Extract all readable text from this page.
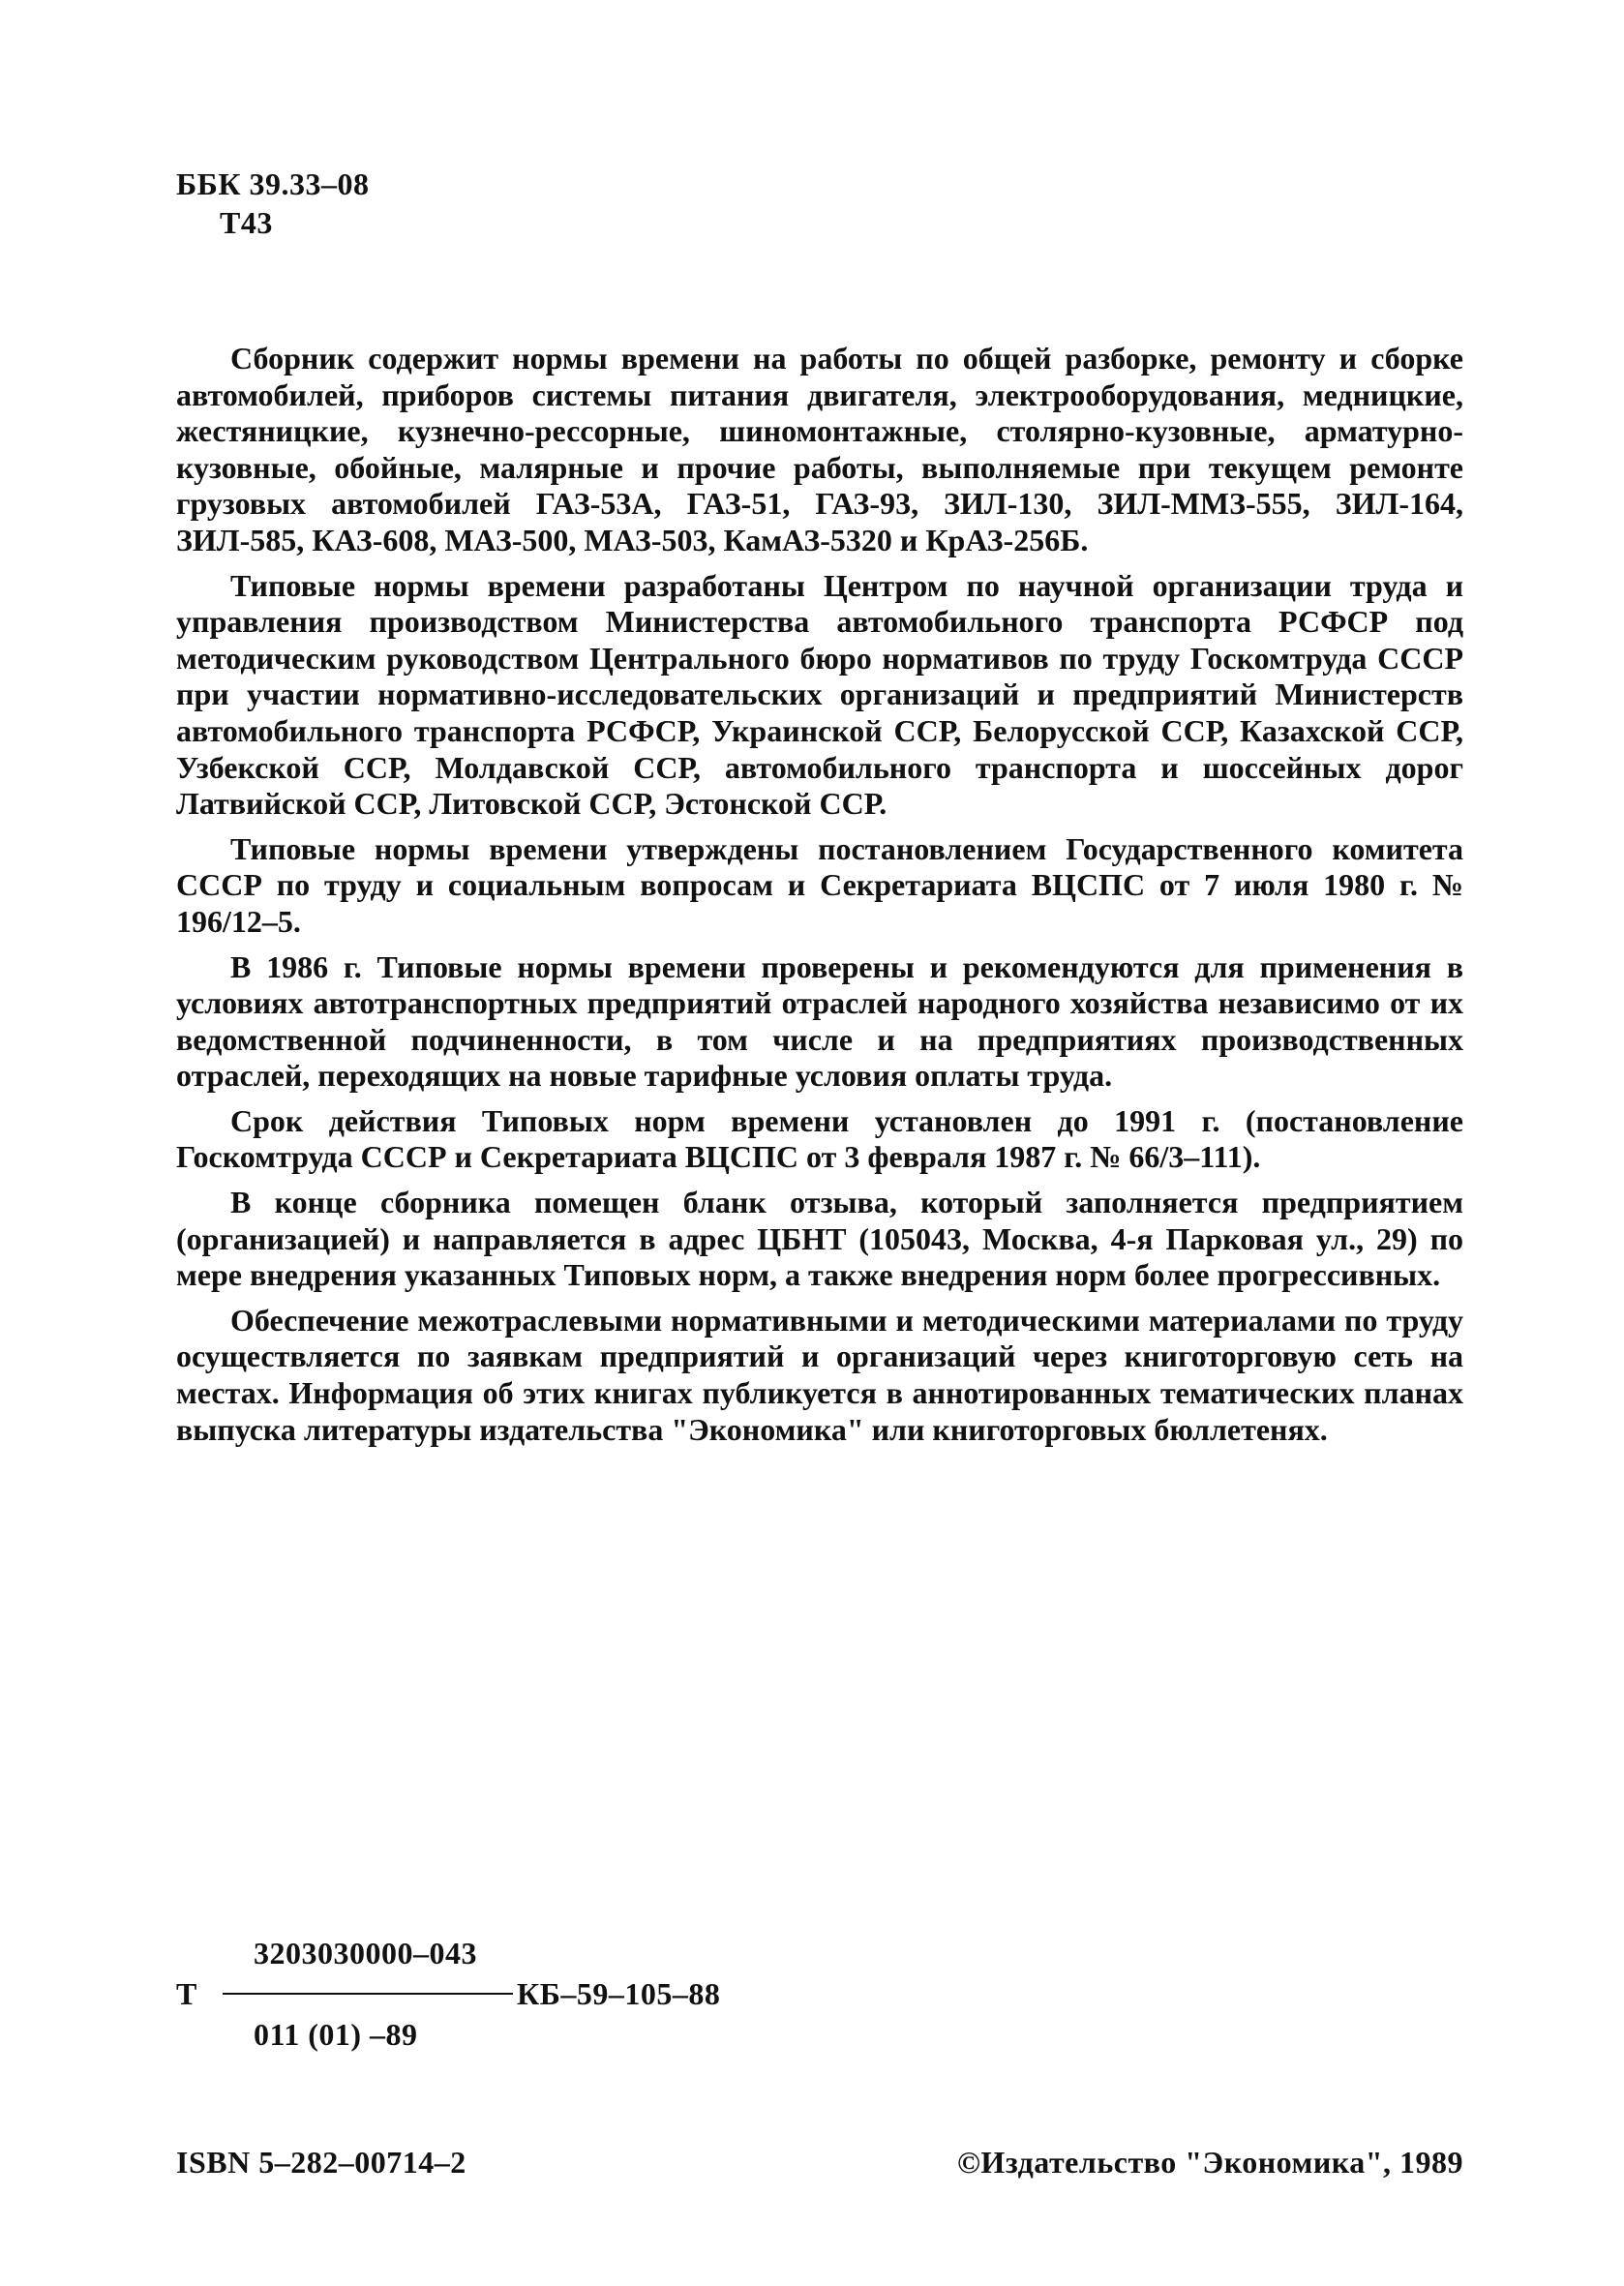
ББК 39.33–08
Т43

Сборник содержит нормы времени на работы по общей разборке, ремонту и сборке автомобилей, приборов системы питания двигателя, электрооборудования, медницкие, жестяницкие, кузнечно-рессорные, шиномонтажные, столярно-кузовные, арматурно-кузовные, обойные, малярные и прочие работы, выполняемые при текущем ремонте грузовых автомобилей ГАЗ-53А, ГАЗ-51, ГАЗ-93, ЗИЛ-130, ЗИЛ-ММЗ-555, ЗИЛ-164, ЗИЛ-585, КАЗ-608, МАЗ-500, МАЗ-503, КамАЗ-5320 и КрАЗ-256Б.

Типовые нормы времени разработаны Центром по научной организации труда и управления производством Министерства автомобильного транспорта РСФСР под методическим руководством Центрального бюро нормативов по труду Госкомтруда СССР при участии нормативно-исследовательских организаций и предприятий Министерств автомобильного транспорта РСФСР, Украинской ССР, Белорусской ССР, Казахской ССР, Узбекской ССР, Молдавской ССР, автомобильного транспорта и шоссейных дорог Латвийской ССР, Литовской ССР, Эстонской ССР.

Типовые нормы времени утверждены постановлением Государственного комитета СССР по труду и социальным вопросам и Секретариата ВЦСПС от 7 июля 1980 г. № 196/12–5.

В 1986 г. Типовые нормы времени проверены и рекомендуются для применения в условиях автотранспортных предприятий отраслей народного хозяйства независимо от их ведомственной подчиненности, в том числе и на предприятиях производственных отраслей, переходящих на новые тарифные условия оплаты труда.

Срок действия Типовых норм времени установлен до 1991 г. (постановление Госкомтруда СССР и Секретариата ВЦСПС от 3 февраля 1987 г. № 66/3–111).

В конце сборника помещен бланк отзыва, который заполняется предприятием (организацией) и направляется в адрес ЦБНТ (105043, Москва, 4-я Парковая ул., 29) по мере внедрения указанных Типовых норм, а также внедрения норм более прогрессивных.

Обеспечение межотраслевыми нормативными и методическими материалами по труду осуществляется по заявкам предприятий и организаций через книготорговую сеть на местах. Информация об этих книгах публикуется в аннотированных тематических планах выпуска литературы издательства "Экономика" или книготорговых бюллетенях.

Т
3203030000–043
КБ–59–105–88
011 (01) –89
ISBN 5–282–00714–2	©Издательство "Экономика", 1989
